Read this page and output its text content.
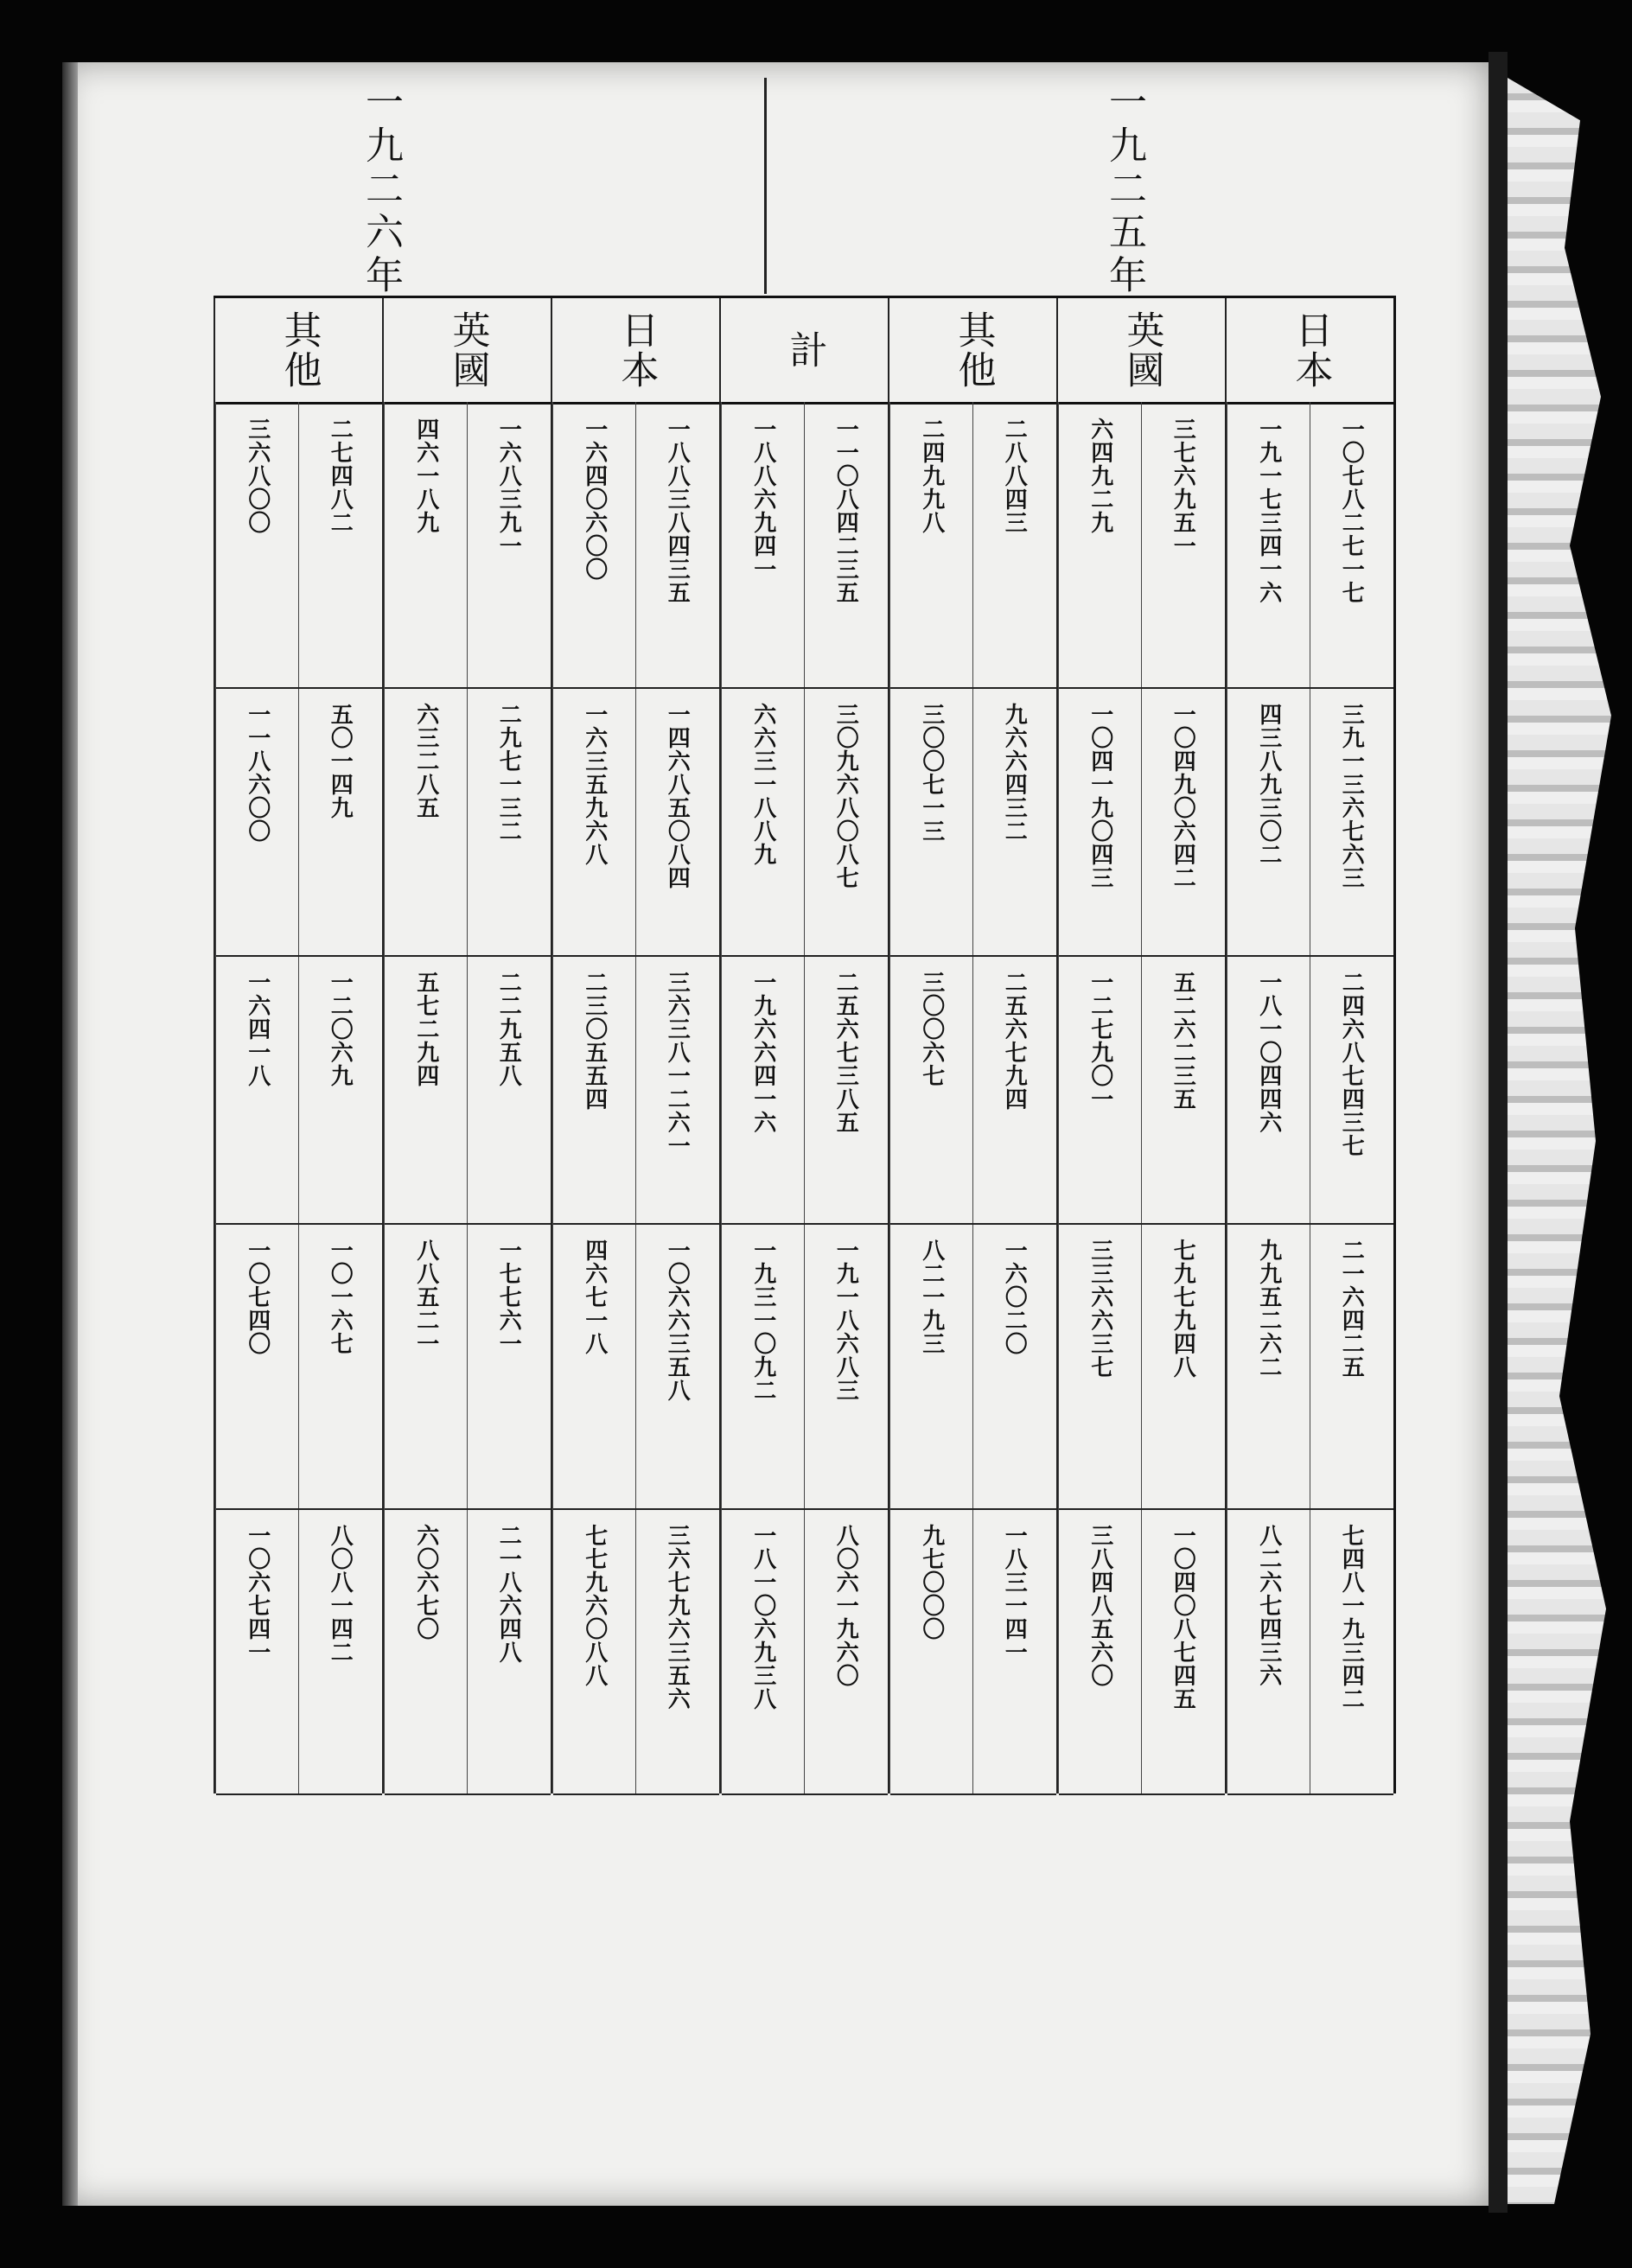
一九二五年
一九二六年
日本
一〇七八二七一七
三九一三六七六三
二四六八七四三七
二一六四二五
七四八一九三四二
一九一七三四一六
四三八九三〇二
一八一〇四四六
九九五二六二
八二六七四三六
英國
三七六九五一
一〇四九〇六四二
五二六二三五
七九七九四八
一〇四〇八七四五
六四九二九
一〇四一九〇四三
一二七九〇一
三三六六三七
三八四八五六〇
其他
二八八四三
九六六四三二
二五六七九四
一六〇二〇
一八三一四一
二四九九八
三〇〇七一三
三〇〇六七
八二一九三
九七〇〇〇
計
一一〇八四二三五
三〇九六八〇八七
二五六七三八五
一九一八六八三
八〇六一九六〇
一八八六九四一
六六三一八八九
一九六六四一六
一九三一〇九二
一八一〇六九三八
日本
一八八三八四三五
一四六八五〇八四
三六三八一二六一
一〇六六三五八
三六七九六三五六
一六四〇六〇〇
一六三五九六八
二三〇五五四
四六七一八
七七九六〇八八
英國
一六八三九一
二九七一三二
二二九五八
一七七六一
二一八六四八
四六一八九
六三二八五
五七二九四
八八五二一
六〇六七〇
其他
二七四八二
五〇一四九
一二〇六九
一〇一六七
八〇八一四二
三六八〇〇
一一八六〇〇
一六四一八
一〇七四〇
一〇六七四一
